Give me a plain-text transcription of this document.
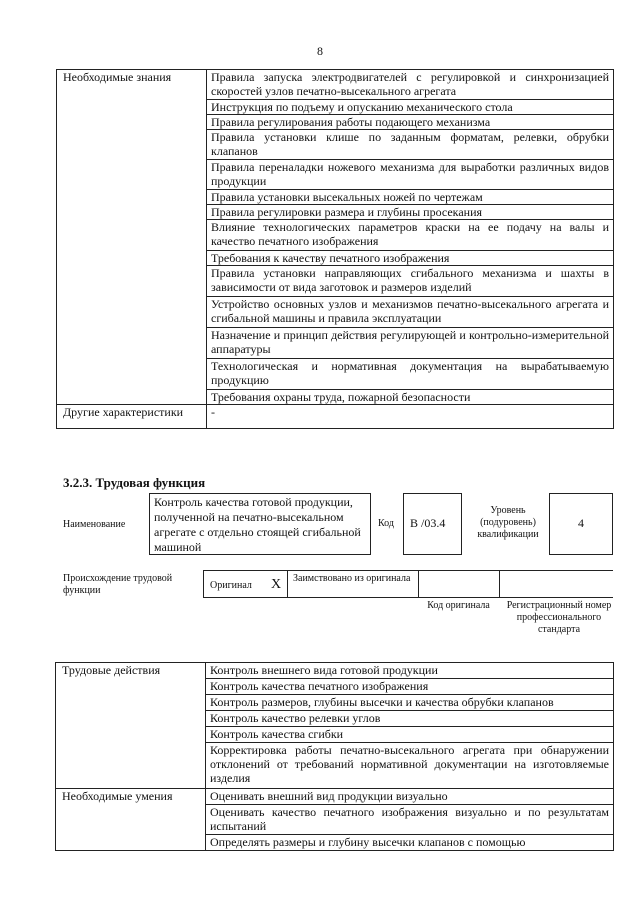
8
Необходимые знания	Правила запуска электродвигателей с регулировкой и синхронизацией скоростей узлов печатно-высекального агрегата
	Инструкция по подъему и опусканию механического стола
	Правила регулирования работы подающего механизма
	Правила установки клише по заданным форматам, релевки, обрубки клапанов
	Правила переналадки ножевого механизма для выработки различных видов продукции
	Правила установки высекальных ножей по чертежам
	Правила регулировки размера и глубины просекания
	Влияние технологических параметров краски на ее подачу на валы и качество печатного изображения
	Требования к качеству печатного изображения
	Правила установки направляющих сгибального механизма и шахты в зависимости от вида заготовок и размеров изделий
	Устройство основных узлов и механизмов печатно-высекального агрегата и сгибальной машины и правила эксплуатации
	Назначение и принцип действия регулирующей и контрольно-измерительной аппаратуры
	Технологическая и нормативная документация на вырабатываемую продукцию
	Требования охраны труда, пожарной безопасности
Другие характеристики	-
3.2.3. Трудовая функция
Наименование
Контроль качества готовой продукции, полученной на печатно-высекальном агрегате с отдельно стоящей сгибальной машиной
Код	В /03.4
Уровень (подуровень) квалификации
4
Происхождение трудовой функции	Оригинал X Заимствовано из оригинала
Код оригинала	Регистрационный номер профессионального стандарта
Трудовые действия	Контроль внешнего вида готовой продукции
	Контроль качества печатного изображения
	Контроль размеров, глубины высечки и качества обрубки клапанов
	Контроль качество релевки углов
	Контроль качества сгибки
	Корректировка работы печатно-высекального агрегата при обнаружении отклонений от требований нормативной документации на изготовляемые изделия
Необходимые умения	Оценивать внешний вид продукции визуально
	Оценивать качество печатного изображения визуально и по результатам испытаний
	Определять размеры и глубину высечки клапанов с помощью
